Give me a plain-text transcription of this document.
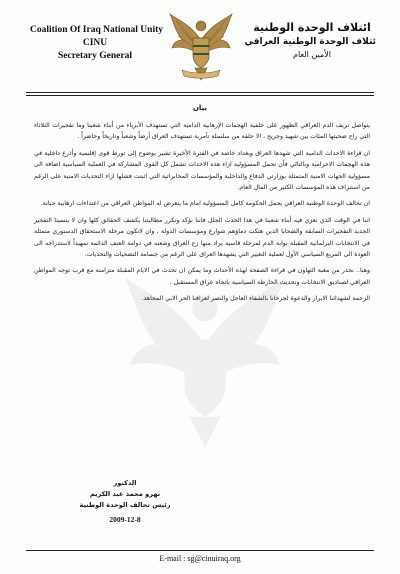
Coalition Of Iraq National Unity
CINU
Secretary General
ائتلاف الوحدة الوطنية
ئتلاف الوحدة الوطنية العراقي
الأمين العام
بيان

يتواصل نزيف الدم العراقي الطهور على خلفية الهجمات الإرهابية الدامية التي تستهدف الأبرياء من أبناء شعبنا وما تفجيرات الثلاثاء التي راح ضحيتها المئات بين شهيد وجريح ، الا حلقة من سلسلة تآمرية تستهدف العراق أرضاً وشعباً وتاريخاً وحاضراً .

ان قراءة الاحداث الدامية التي شهدها العراق وبغداد خاصة في الفترة الأخيرة تشير بوضوح إلى تورط قوى إقليمية وأذرع داخلية في هذه الهجمات الاجرامية وبالتالي فأن تحمل المسؤولية ازاء هذه الاحداث تشمل كل القوى المشاركة في العملية السياسية اضافة الى مسؤولية الجهات الامنية المتمثلة بوزارتي الدفاع والداخلية والمؤسسات المخابراتية التي اثبتت فشلها ازاء التحديات الامنية على الرغم من استنزاف هذه المؤسسات الكثير من المال العام.

ان تحالف الوحدة الوطنية العراقي يحمل الحكومة كامل المسؤولية امام ما يتعرض له المواطن العراقي من اعتداءات ارهابية جبانة.

اننا في الوقت الذي نعزي فيه أبناء شعبنا في هذا الحدث الجلل فاننا نؤكد ونكرر مطالبتنا بكشف الحقائق كلها وان لا ينسينا التفجير الجديد التفجيرات السابقة والضحايا الذين هتكت دماؤهم شوارع ومؤسسات الدولة ، وان لاتكون مرحلة الاستحقاق الدستوري متمثلة في الانتخابات البرلمانية المقبلة بوابة الدم لمرحلة قاسية يراد منها زج العراق وشعبه في دوامة العنف الدائمة تمهيداً لاستدراجه الى العودة الى المربع السياسي الأول لعملية التغيير التي يشهدها العراق على الرغم من جسامة التضحيات والتحديات.

وهنا.. نحذر من مغبة التهاون في قراءة الصفحة لهذه الأحداث وما يمكن ان تحدث في الايام المقبلة متزامنة مع قرب توجه المواطن العراقي لصناديق الانتخابات وتحديث الخارطة السياسية باتجاه عراق المستقبل .

الرحمة لشهدائنا الابرار والدعوة لجرحانا بالشفاء العاجل والنصر لعراقنا الحر الابي المجاهد.

الدكتور
نهرو محمد عبد الكريم
رئيس تحالف الوحدة الوطنية
2009-12-8
E-mail : sg@cinuiraq.org
